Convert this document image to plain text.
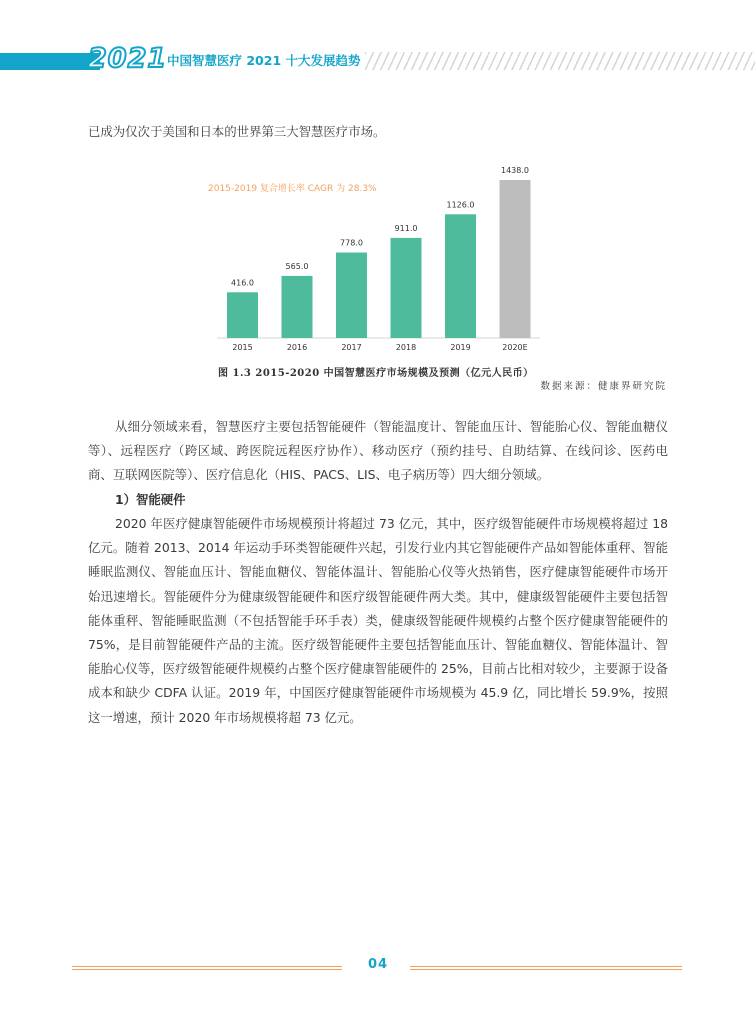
2021 中国智慧医疗 2021 十大发展趋势

已成为仅次于美国和日本的世界第三大智慧医疗市场。

2015-2019 复合增长率 CAGR 为 28.3%
416.0
2015
565.0
2016
778.0
2017
911.0
2018
1126.0
2019
1438.0
2020E

图 1.3 2015-2020 中国智慧医疗市场规模及预测（亿元人民币）

数据来源：健康界研究院

从细分领域来看，智慧医疗主要包括智能硬件（智能温度计、智能血压计、智能胎心仪、智能血糖仪等）、远程医疗（跨区域、跨医院远程医疗协作）、移动医疗（预约挂号、自助结算、在线问诊、医药电商、互联网医院等）、医疗信息化（HIS、PACS、LIS、电子病历等）四大细分领域。

1）智能硬件

2020 年医疗健康智能硬件市场规模预计将超过 73 亿元，其中，医疗级智能硬件市场规模将超过 18 亿元。随着 2013、2014 年运动手环类智能硬件兴起，引发行业内其它智能硬件产品如智能体重秤、智能睡眠监测仪、智能血压计、智能血糖仪、智能体温计、智能胎心仪等火热销售，医疗健康智能硬件市场开始迅速增长。智能硬件分为健康级智能硬件和医疗级智能硬件两大类。其中，健康级智能硬件主要包括智能体重秤、智能睡眠监测（不包括智能手环手表）类，健康级智能硬件规模约占整个医疗健康智能硬件的 75%，是目前智能硬件产品的主流。医疗级智能硬件主要包括智能血压计、智能血糖仪、智能体温计、智能胎心仪等，医疗级智能硬件规模约占整个医疗健康智能硬件的 25%，目前占比相对较少，主要源于设备成本和缺少 CDFA 认证。2019 年，中国医疗健康智能硬件市场规模为 45.9 亿，同比增长 59.9%，按照这一增速，预计 2020 年市场规模将超 73 亿元。

04
